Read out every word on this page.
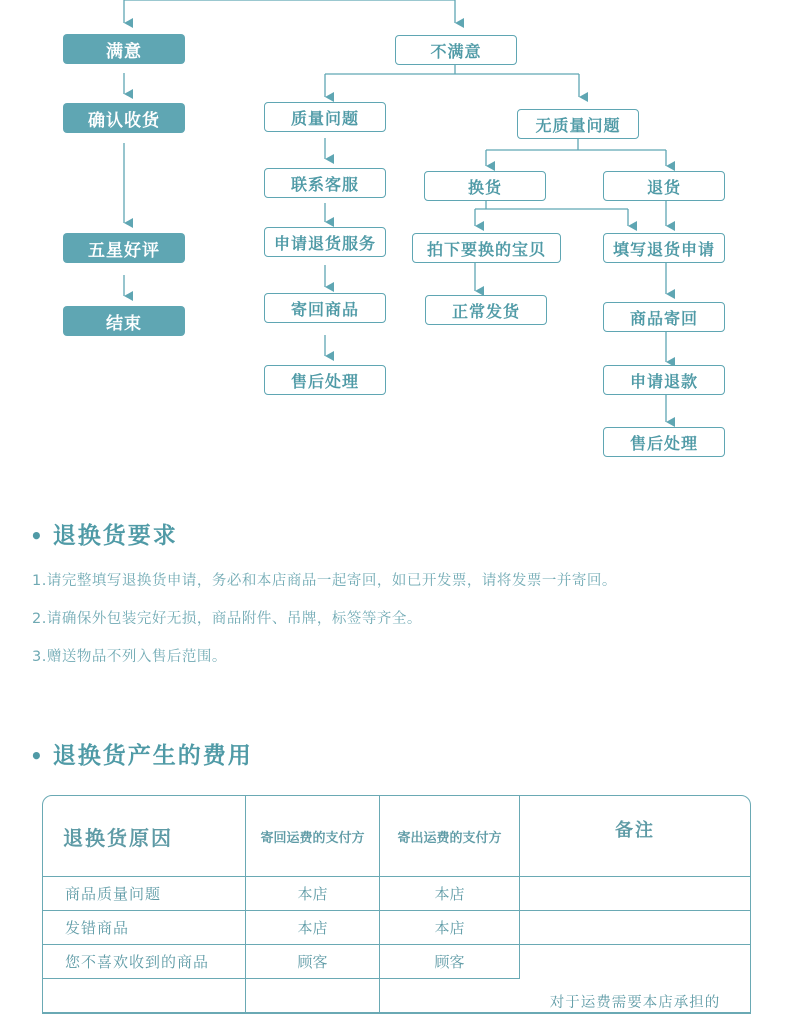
满意
确认收货
五星好评
结束
不满意
质量问题
联系客服
申请退货服务
寄回商品
售后处理
无质量问题
换货	退货
拍下要换的宝贝	填写退货申请
正常发货	商品寄回
申请退款
售后处理
• 退换货要求
1.请完整填写退换货申请，务必和本店商品一起寄回，如已开发票，请将发票一并寄回。
2.请确保外包装完好无损，商品附件、吊牌，标签等齐全。
3.赠送物品不列入售后范围。
• 退换货产生的费用
退换货原因	寄回运费的支付方	寄出运费的支付方	备注
商品质量问题	本店	本店	
发错商品	本店	本店	
您不喜欢收到的商品	顾客	顾客	对于运费需要本店承担的
